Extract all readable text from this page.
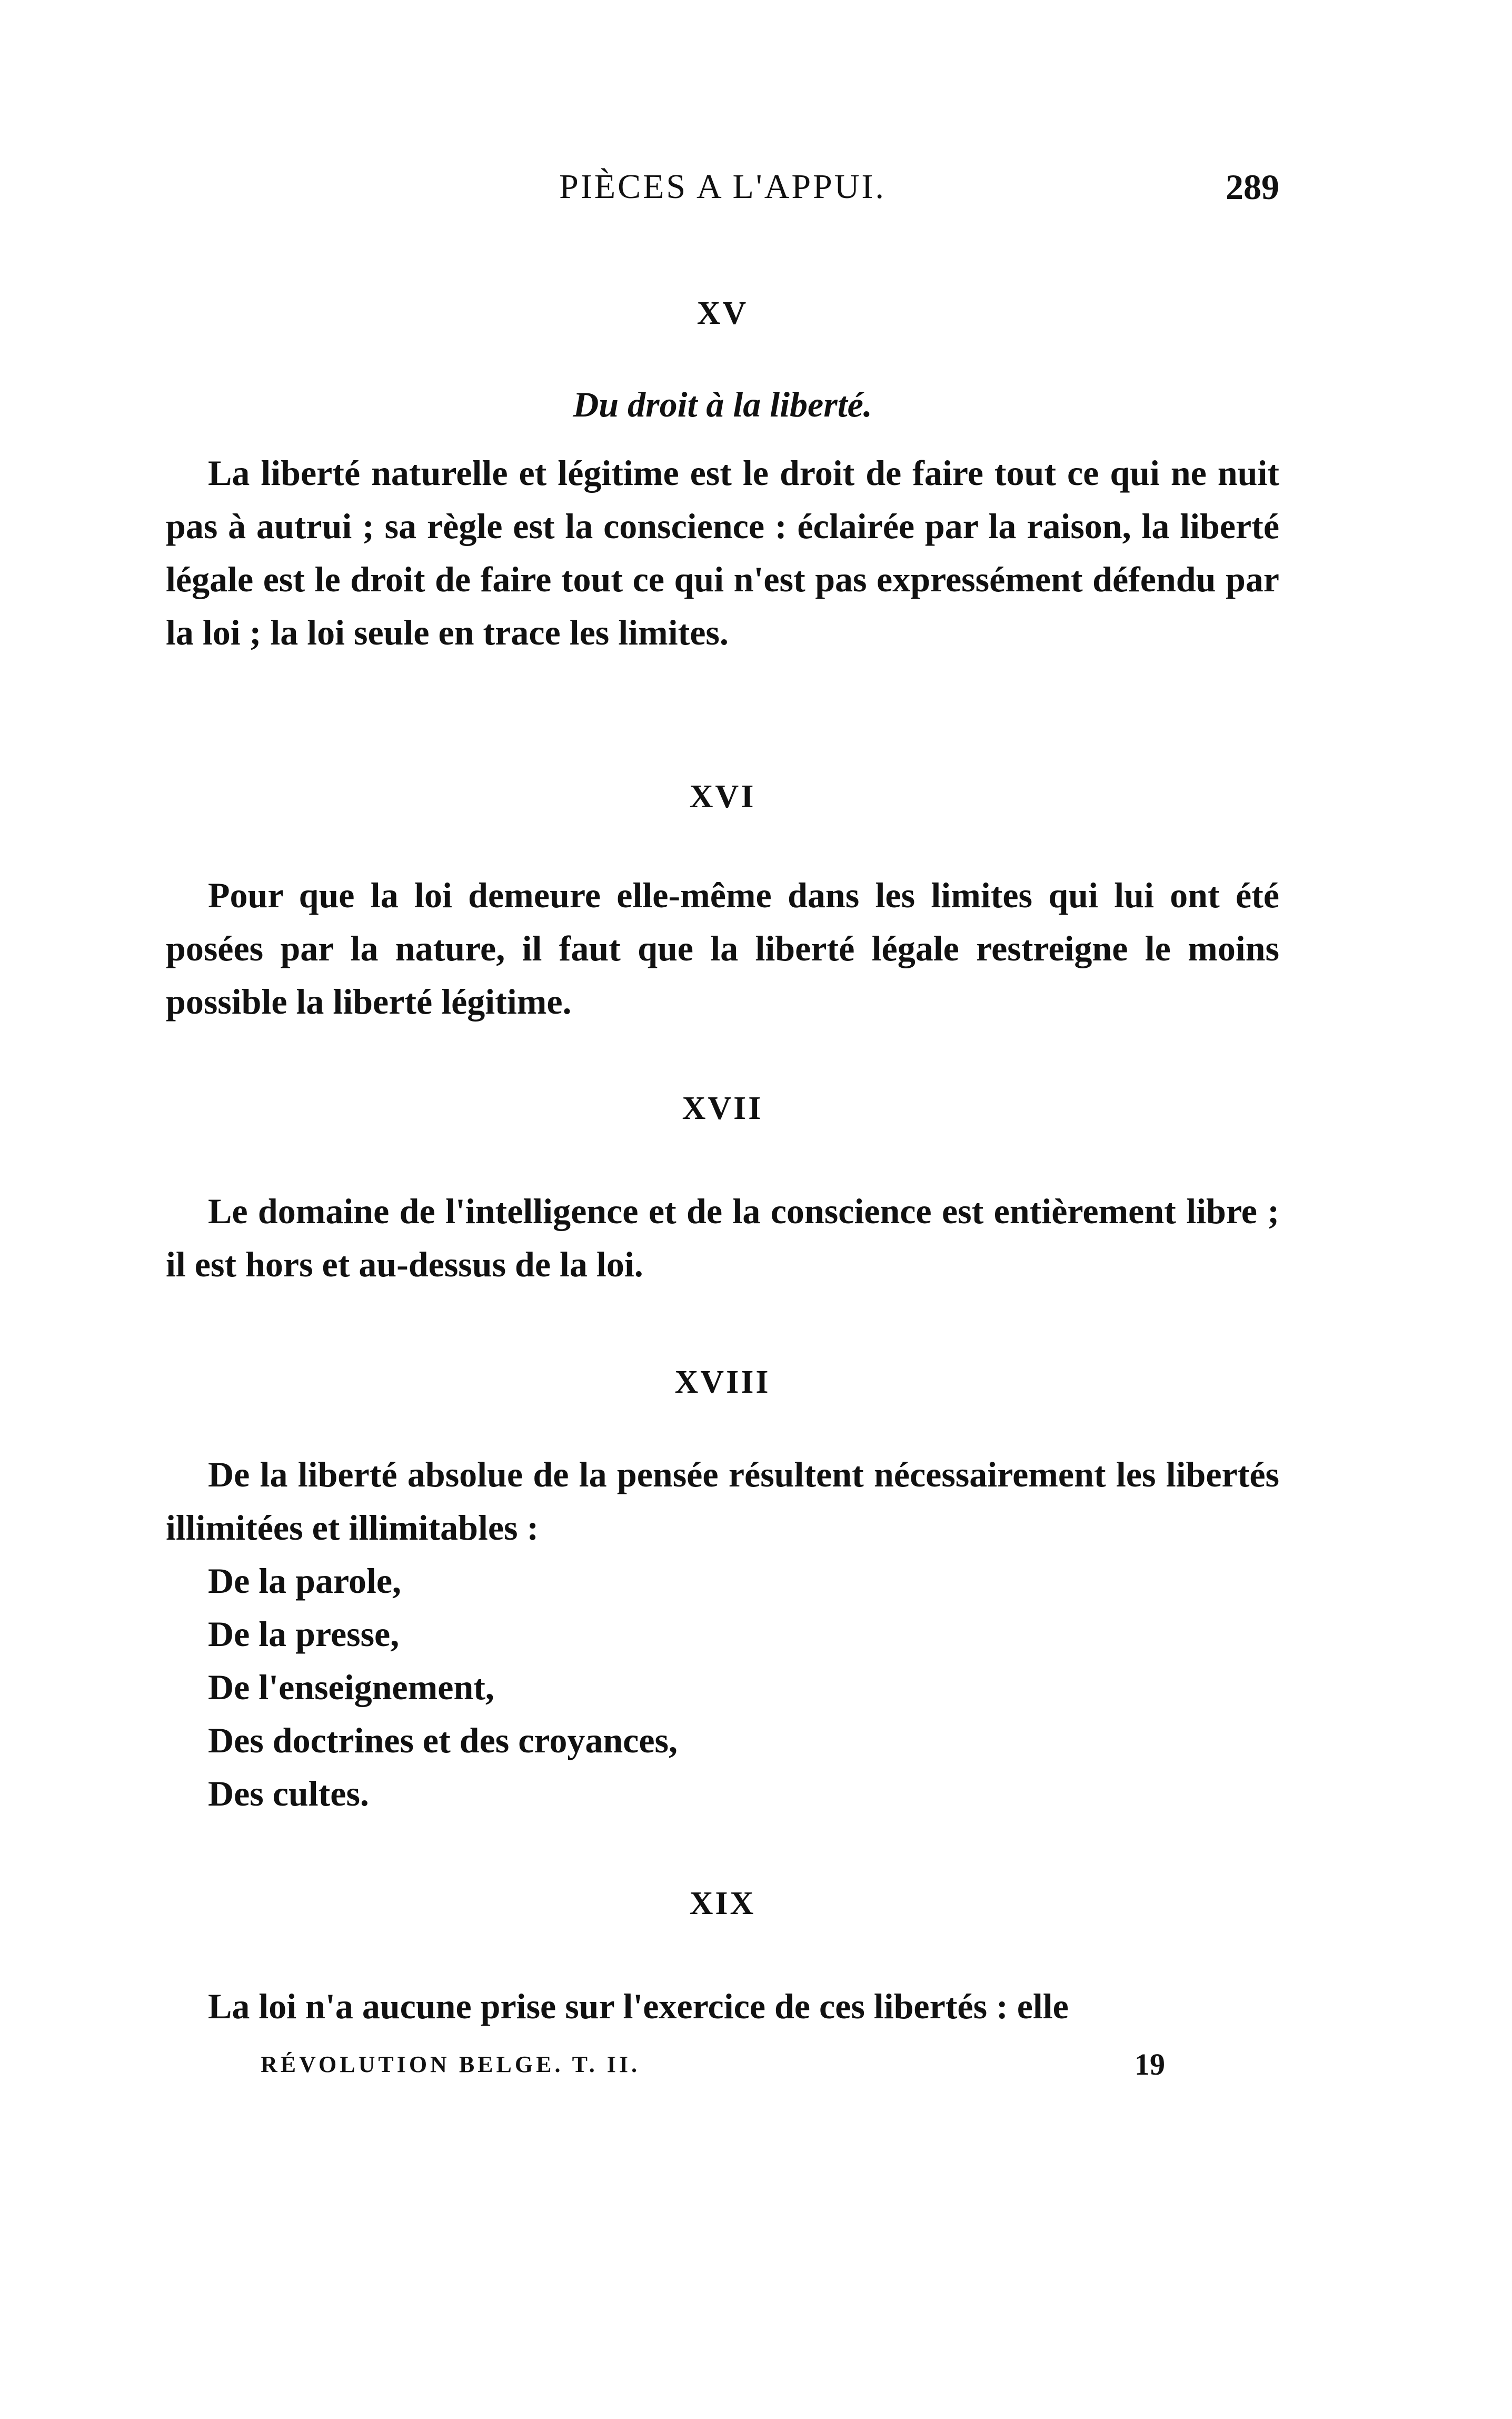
PIÈCES A L'APPUI.	289
XV
Du droit à la liberté.

La liberté naturelle et légitime est le droit de faire tout ce qui ne nuit pas à autrui ; sa règle est la conscience : éclairée par la raison, la liberté légale est le droit de faire tout ce qui n'est pas expressément défendu par la loi ; la loi seule en trace les limites.

XVI

Pour que la loi demeure elle-même dans les limites qui lui ont été posées par la nature, il faut que la liberté légale restreigne le moins possible la liberté légitime.

XVII

Le domaine de l'intelligence et de la conscience est entièrement libre ; il est hors et au-dessus de la loi.

XVIII

De la liberté absolue de la pensée résultent nécessairement les libertés illimitées et illimitables :

De la parole,
De la presse,
De l'enseignement,
Des doctrines et des croyances,
Des cultes.
XIX

La loi n'a aucune prise sur l'exercice de ces libertés : elle

RÉVOLUTION BELGE. T. II.	19
